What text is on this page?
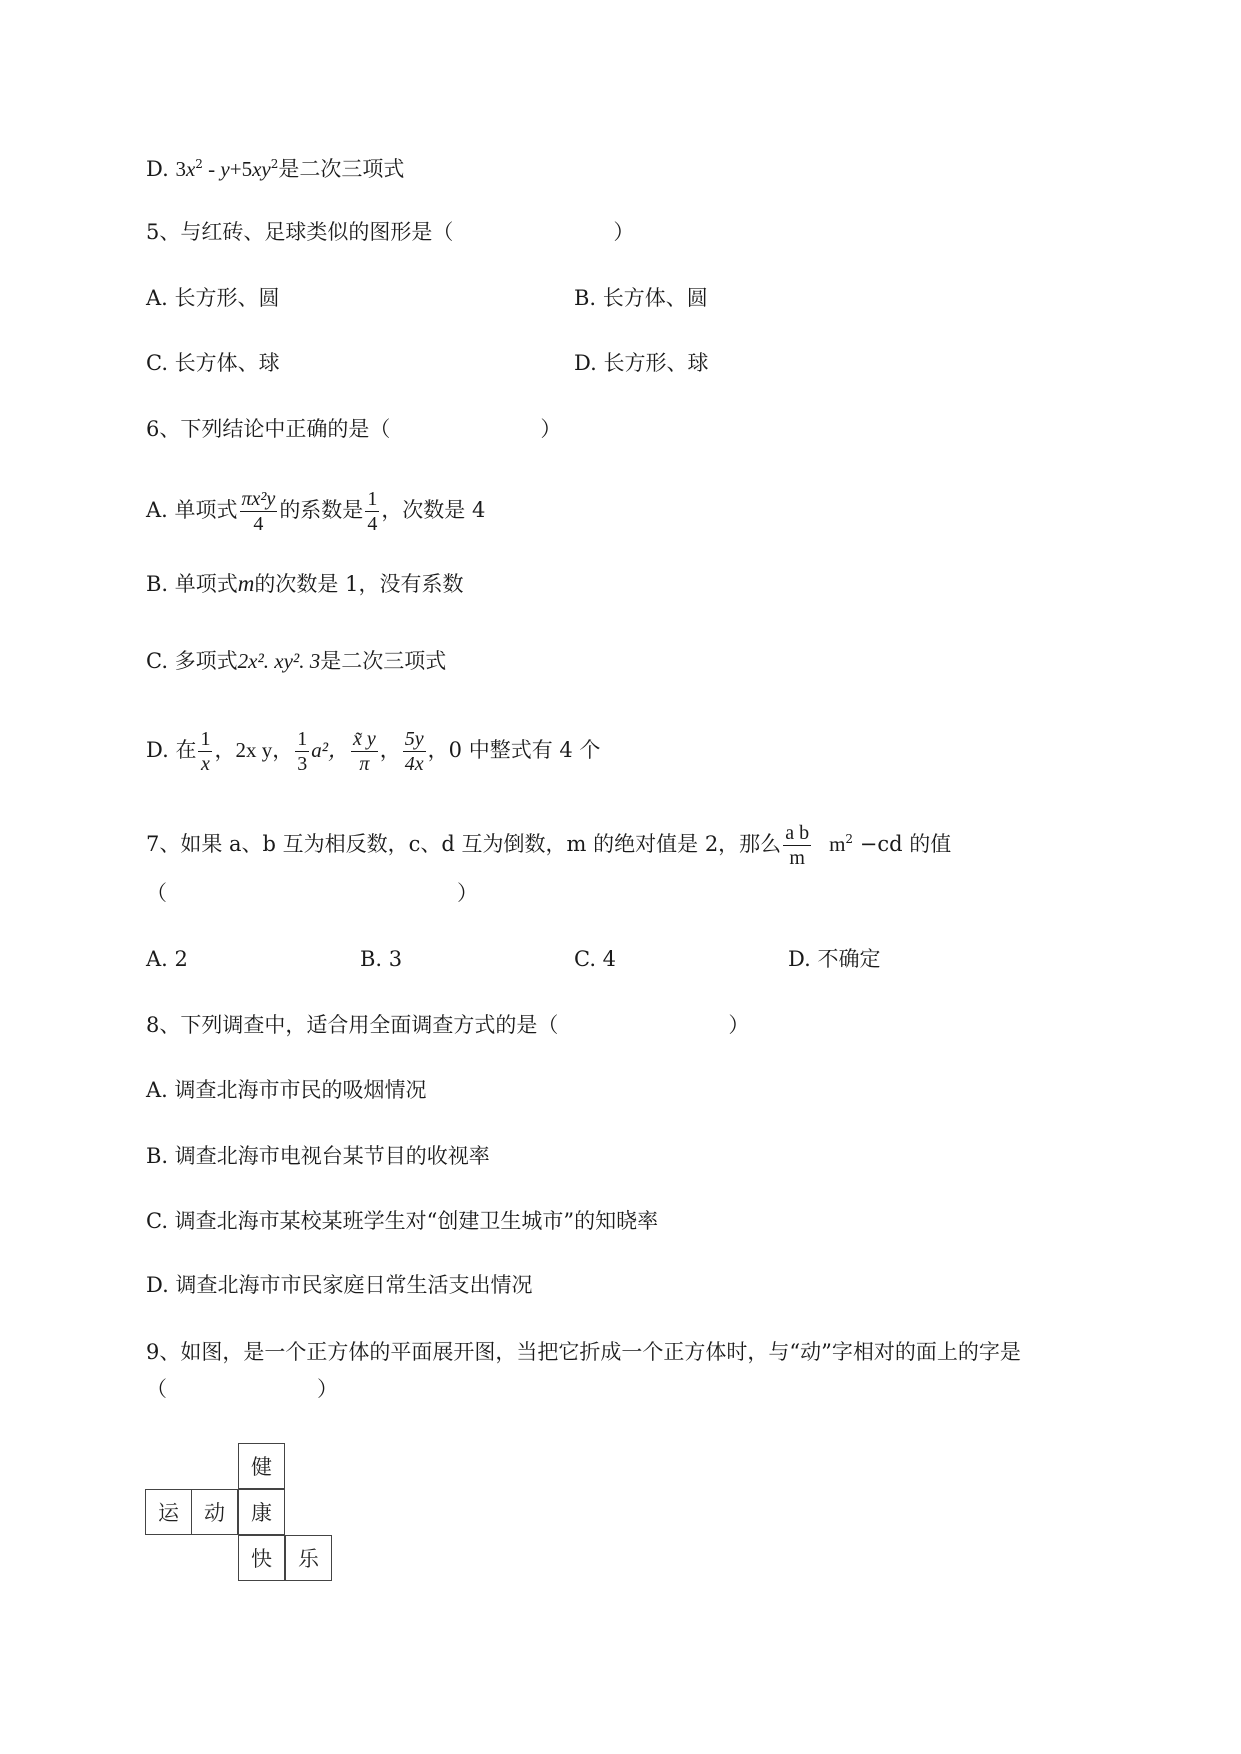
D. $3x^2 - y+5xy^2$是二次三项式
5、与红砖、足球类似的图形是（	）
A. 长方形、圆	B. 长方体、圆
C. 长方体、球	D. 长方形、球
6、下列结论中正确的是（	）
A. 单项式 $\frac{\text{πx²y}}{4}$ 的系数是 $\frac{1}{4}$ ，次数是 4
B. 单项式m的次数是 1，没有系数
C. 多项式2x². xy². 3是二次三项式
D. 在 $\frac{1}{x}$ ，2x y， $\frac{1}{3} a^2$， $\frac{x̃ y}{\pi}$ ， $\frac{5y}{4x}$ ，0 中整式有 4 个
7、如果 a、b 互为相反数，c、d 互为倒数，m 的绝对值是 2，那么 $\frac{\text{a b}}{m} m^2 -cd$ 的值
（	）
A. 2	B. 3	C. 4	D. 不确定
8、下列调查中，适合用全面调查方式的是（	）
A. 调查北海市市民的吸烟情况
B. 调查北海市电视台某节目的收视率
C. 调查北海市某校某班学生对“创建卫生城市”的知晓率
D. 调查北海市市民家庭日常生活支出情况
9、如图，是一个正方体的平面展开图，当把它折成一个正方体时，与“动”字相对的面上的字是
（	）
健
运	动	康
快	乐
